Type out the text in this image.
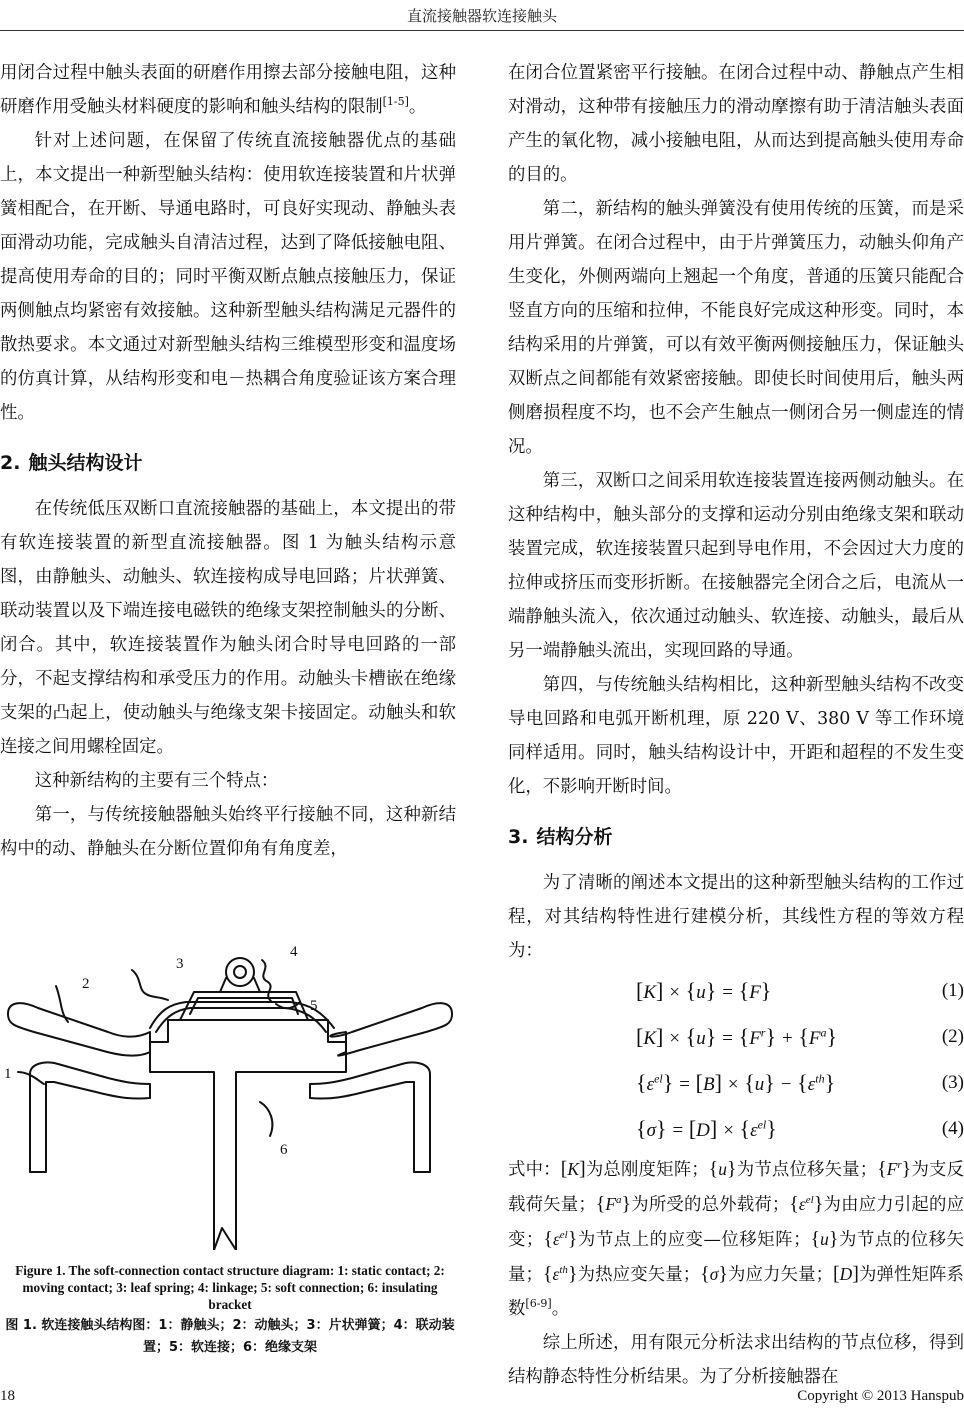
直流接触器软连接触头

用闭合过程中触头表面的研磨作用擦去部分接触电阻，这种研磨作用受触头材料硬度的影响和触头结构的限制[1-5]。

针对上述问题，在保留了传统直流接触器优点的基础上，本文提出一种新型触头结构：使用软连接装置和片状弹簧相配合，在开断、导通电路时，可良好实现动、静触头表面滑动功能，完成触头自清洁过程，达到了降低接触电阻、提高使用寿命的目的；同时平衡双断点触点接触压力，保证两侧触点均紧密有效接触。这种新型触头结构满足元器件的散热要求。本文通过对新型触头结构三维模型形变和温度场的仿真计算，从结构形变和电－热耦合角度验证该方案合理性。

2. 触头结构设计

在传统低压双断口直流接触器的基础上，本文提出的带有软连接装置的新型直流接触器。图 1 为触头结构示意图，由静触头、动触头、软连接构成导电回路；片状弹簧、联动装置以及下端连接电磁铁的绝缘支架控制触头的分断、闭合。其中，软连接装置作为触头闭合时导电回路的一部分，不起支撑结构和承受压力的作用。动触头卡槽嵌在绝缘支架的凸起上，使动触头与绝缘支架卡接固定。动触头和软连接之间用螺栓固定。

这种新结构的主要有三个特点：

第一，与传统接触器触头始终平行接触不同，这种新结构中的动、静触头在分断位置仰角有角度差，

1
2
3
4
5
6
Figure 1. The soft-connection contact structure diagram: 1: static contact; 2: moving contact; 3: leaf spring; 4: linkage; 5: soft connection; 6: insulating bracket
图 1. 软连接触头结构图：1：静触头；2：动触头；3：片状弹簧；4：联动装置；5：软连接；6：绝缘支架

在闭合位置紧密平行接触。在闭合过程中动、静触点产生相对滑动，这种带有接触压力的滑动摩擦有助于清洁触头表面产生的氧化物，减小接触电阻，从而达到提高触头使用寿命的目的。

第二，新结构的触头弹簧没有使用传统的压簧，而是采用片弹簧。在闭合过程中，由于片弹簧压力，动触头仰角产生变化，外侧两端向上翘起一个角度，普通的压簧只能配合竖直方向的压缩和拉伸，不能良好完成这种形变。同时，本结构采用的片弹簧，可以有效平衡两侧接触压力，保证触头双断点之间都能有效紧密接触。即使长时间使用后，触头两侧磨损程度不均，也不会产生触点一侧闭合另一侧虚连的情况。

第三，双断口之间采用软连接装置连接两侧动触头。在这种结构中，触头部分的支撑和运动分别由绝缘支架和联动装置完成，软连接装置只起到导电作用，不会因过大力度的拉伸或挤压而变形折断。在接触器完全闭合之后，电流从一端静触头流入，依次通过动触头、软连接、动触头，最后从另一端静触头流出，实现回路的导通。

第四，与传统触头结构相比，这种新型触头结构不改变导电回路和电弧开断机理，原 220 V、380 V 等工作环境同样适用。同时，触头结构设计中，开距和超程的不发生变化，不影响开断时间。

3. 结构分析

为了清晰的阐述本文提出的这种新型触头结构的工作过程，对其结构特性进行建模分析，其线性方程的等效方程为：

[K] × {u} = {F}	(1)
$[K] \times \{u\} = \{F^r\} + \{F^a\}$	(2)
$\{\varepsilon^{el}\} = [B] \times \{u\} - \{\varepsilon^{th}\}$	(3)
$\{\sigma\} = [D] \times \{\varepsilon^{el}\}$	(4)

式中：[K]为总刚度矩阵；{u}为节点位移矢量；$\{F^r\}$为支反载荷矢量；$\{F^a\}$为所受的总外载荷；$\{\varepsilon^{el}\}$为由应力引起的应变；$\{\varepsilon^{el}\}$为节点上的应变—位移矩阵；{u}为节点的位移矢量；$\{\varepsilon^{th}\}$为热应变矢量；{σ}为应力矢量；[D]为弹性矩阵系数[6-9]。

综上所述，用有限元分析法求出结构的节点位移，得到结构静态特性分析结果。为了分析接触器在

18	Copyright © 2013 Hanspub
